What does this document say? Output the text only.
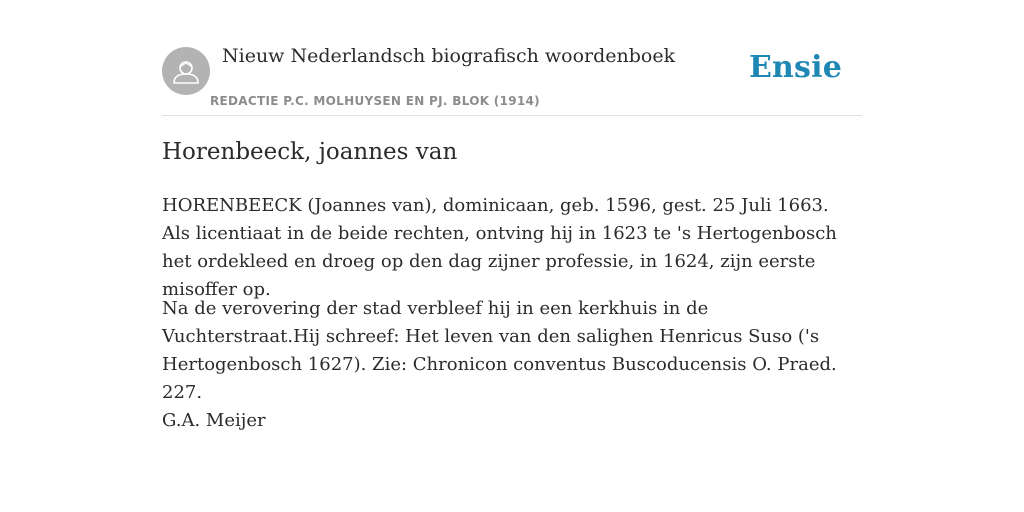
Nieuw Nederlandsch biografisch woordenboek
REDACTIE P.C. MOLHUYSEN EN PJ. BLOK (1914)
Ensie
Horenbeeck, joannes van

HORENBEECK (Joannes van), dominicaan, geb. 1596, gest. 25 Juli 1663. Als licentiaat in de beide rechten, ontving hij in 1623 te 's Hertogenbosch het ordekleed en droeg op den dag zijner professie, in 1624, zijn eerste misoffer op.

Na de verovering der stad verbleef hij in een kerkhuis in de Vuchterstraat.Hij schreef: Het leven van den salighen Henricus Suso ('s Hertogenbosch 1627). Zie: Chronicon conventus Buscoducensis O. Praed. 227.

G.A. Meijer
